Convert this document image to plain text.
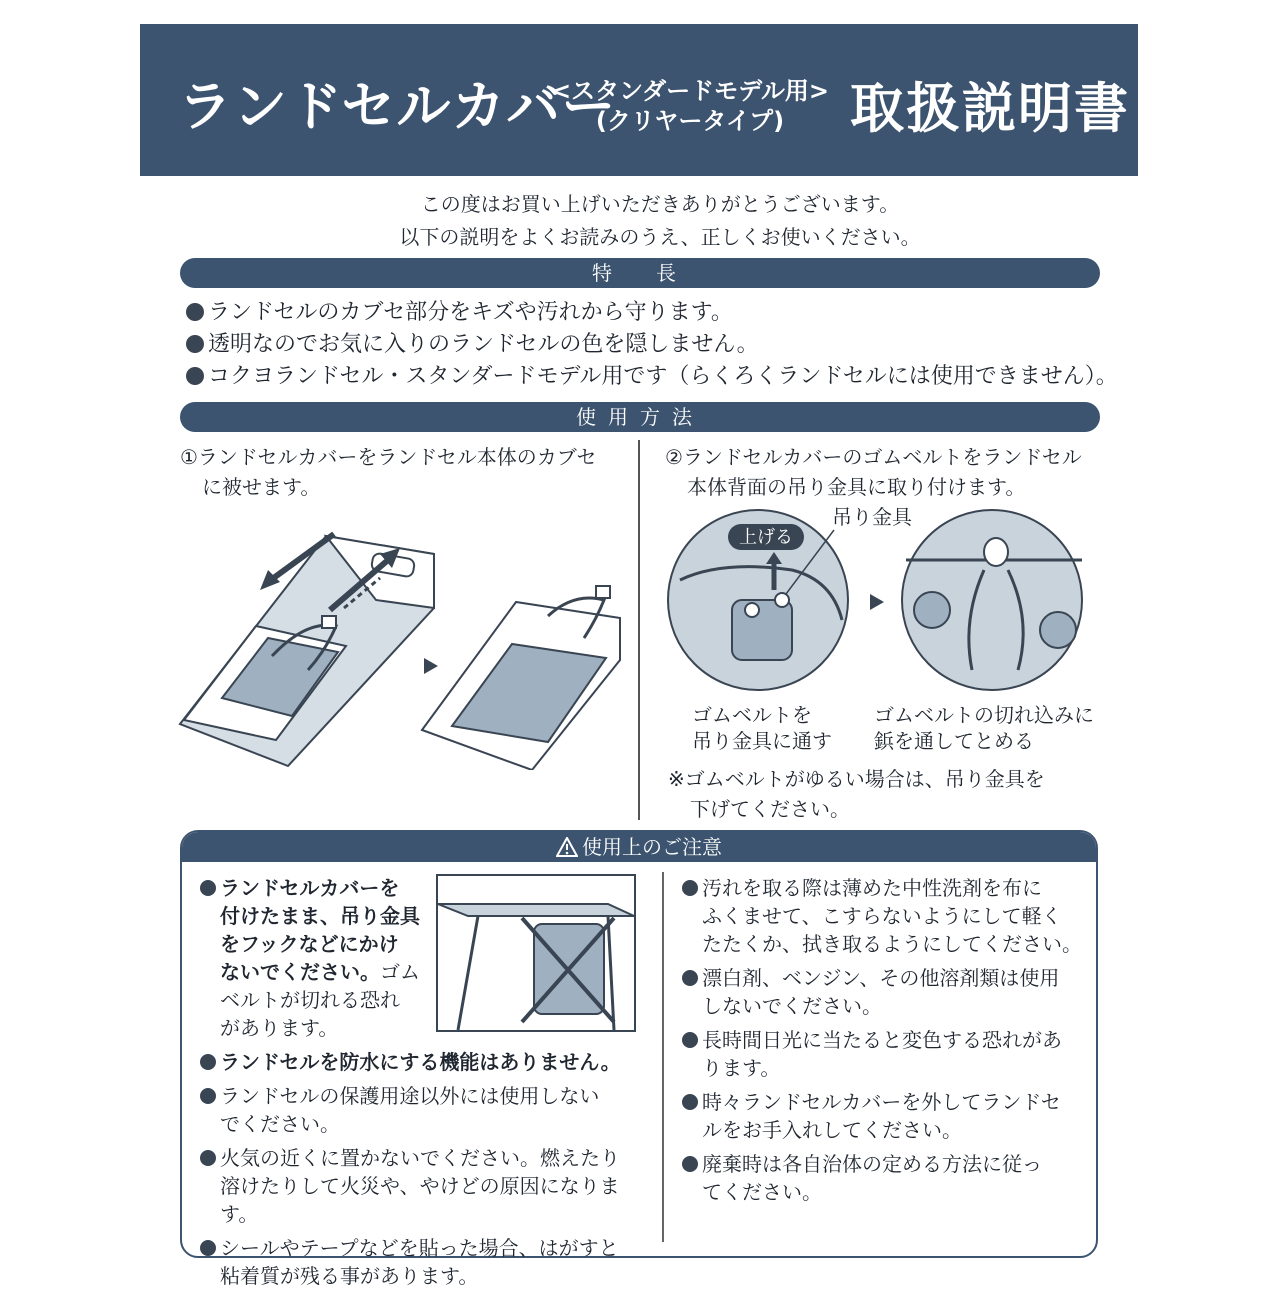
ランドセルカバー
<スタンダードモデル用>
(クリヤータイプ)	取扱説明書
この度はお買い上げいただきありがとうございます。
以下の説明をよくお読みのうえ、正しくお使いください。
特　長
ランドセルのカブセ部分をキズや汚れから守ります。
透明なのでお気に入りのランドセルの色を隠しません。
コクヨランドセル・スタンダードモデル用です（らくろくランドセルには使用できません）。
使用方法
①ランドセルカバーをランドセル本体のカブセ
に被せます。
②ランドセルカバーのゴムベルトをランドセル
本体背面の吊り金具に取り付けます。
上げる
吊り金具
ゴムベルトを
吊り金具に通す
ゴムベルトの切れ込みに
鋲を通してとめる
※ゴムベルトがゆるい場合は、吊り金具を
下げてください。
使用上のご注意
ランドセルカバーを
付けたまま、吊り金具
をフックなどにかけ
ないでください。ゴム
ベルトが切れる恐れ
があります。
ランドセルを防水にする機能はありません。
ランドセルの保護用途以外には使用しない
でください。
火気の近くに置かないでください。燃えたり
溶けたりして火災や、やけどの原因になります。
シールやテープなどを貼った場合、はがすと
粘着質が残る事があります。
汚れを取る際は薄めた中性洗剤を布に
ふくませて、こすらないようにして軽く
たたくか、拭き取るようにしてください。
漂白剤、ベンジン、その他溶剤類は使用
しないでください。
長時間日光に当たると変色する恐れがあ
ります。
時々ランドセルカバーを外してランドセ
ルをお手入れしてください。
廃棄時は各自治体の定める方法に従っ
てください。
